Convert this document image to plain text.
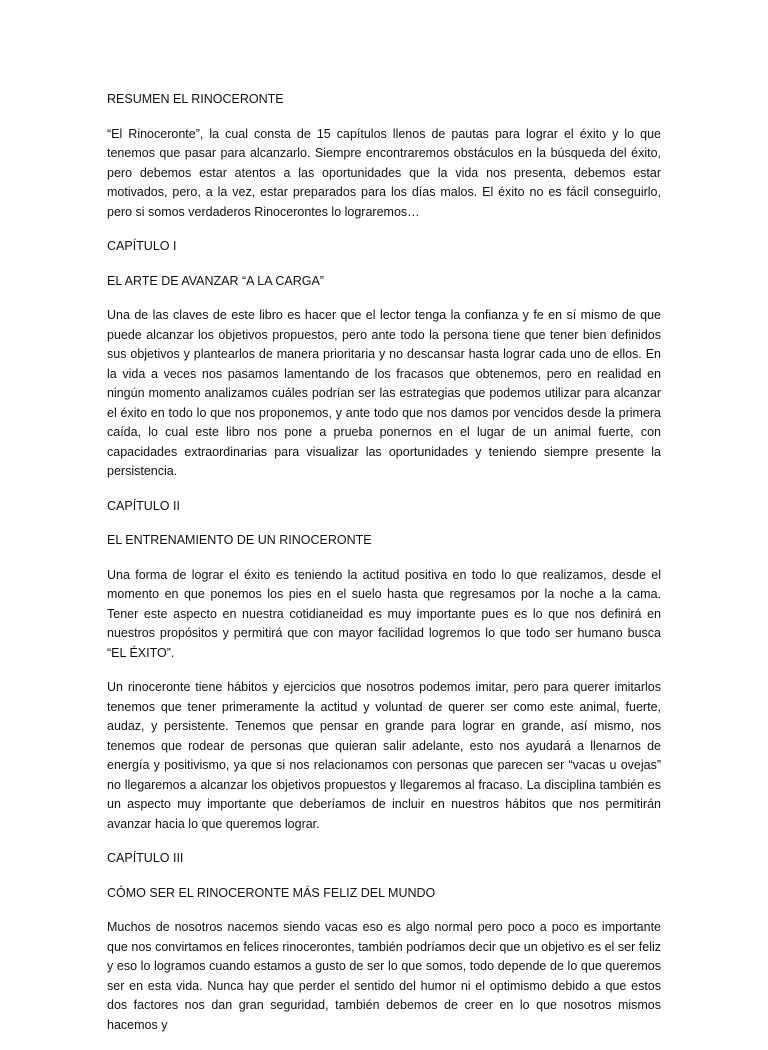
RESUMEN EL RINOCERONTE

“El Rinoceronte”, la cual consta de 15 capítulos llenos de pautas para lograr el éxito y lo que tenemos que pasar para alcanzarlo. Siempre encontraremos obstáculos en la búsqueda del éxito, pero debemos estar atentos a las oportunidades que la vida nos presenta, debemos estar motivados, pero, a la vez, estar preparados para los días malos. El éxito no es fácil conseguirlo, pero si somos verdaderos Rinocerontes lo lograremos…

CAPÍTULO I

EL ARTE DE AVANZAR “A LA CARGA”

Una de las claves de este libro es hacer que el lector tenga la confianza y fe en sí mismo de que puede alcanzar los objetivos propuestos, pero ante todo la persona tiene que tener bien definidos sus objetivos y plantearlos de manera prioritaria y no descansar hasta lograr cada uno de ellos. En la vida a veces nos pasamos lamentando de los fracasos que obtenemos, pero en realidad en ningún momento analizamos cuáles podrían ser las estrategias que podemos utilizar para alcanzar el éxito en todo lo que nos proponemos, y ante todo que nos damos por vencidos desde la primera caída, lo cual este libro nos pone a prueba ponernos en el lugar de un animal fuerte, con capacidades extraordinarias para visualizar las oportunidades y teniendo siempre presente la persistencia.

CAPÍTULO II

EL ENTRENAMIENTO DE UN RINOCERONTE

Una forma de lograr el éxito es teniendo la actitud positiva en todo lo que realizamos, desde el momento en que ponemos los pies en el suelo hasta que regresamos por la noche a la cama. Tener este aspecto en nuestra cotidianeidad es muy importante pues es lo que nos definirá en nuestros propósitos y permitirá que con mayor facilidad logremos lo que todo ser humano busca “EL ÉXITO”.

Un rinoceronte tiene hábitos y ejercicios que nosotros podemos imitar, pero para querer imitarlos tenemos que tener primeramente la actitud y voluntad de querer ser como este animal, fuerte, audaz, y persistente. Tenemos que pensar en grande para lograr en grande, así mismo, nos tenemos que rodear de personas que quieran salir adelante, esto nos ayudará a llenarnos de energía y positivismo, ya que si nos relacionamos con personas que parecen ser “vacas u ovejas” no llegaremos a alcanzar los objetivos propuestos y llegaremos al fracaso. La disciplina también es un aspecto muy importante que deberíamos de incluir en nuestros hábitos que nos permitirán avanzar hacia lo que queremos lograr.

CAPÍTULO III

CÓMO SER EL RINOCERONTE MÁS FELIZ DEL MUNDO

Muchos de nosotros nacemos siendo vacas eso es algo normal pero poco a poco es importante que nos convirtamos en felices rinocerontes, también podríamos decir que un objetivo es el ser feliz y eso lo logramos cuando estamos a gusto de ser lo que somos, todo depende de lo que queremos ser en esta vida. Nunca hay que perder el sentido del humor ni el optimismo debido a que estos dos factores nos dan gran seguridad, también debemos de creer en lo que nosotros mismos hacemos y
